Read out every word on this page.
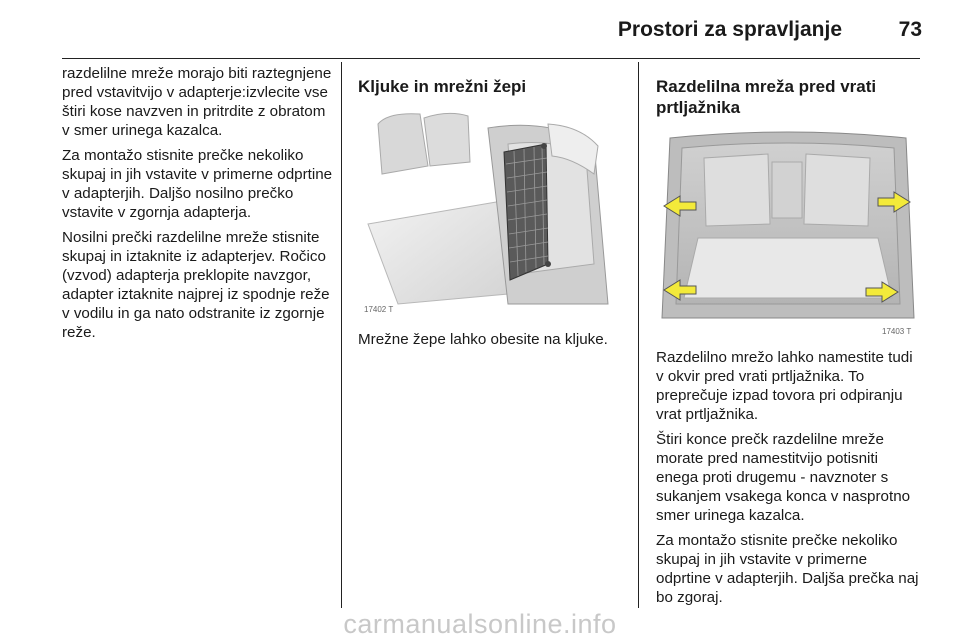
Prostori za spravljanje	73

razdelilne mreže morajo biti raztegnjene pred vstavitvijo v adapterje:izvlecite vse štiri kose navzven in pritrdite z obratom v smer urinega kazalca.

Za montažo stisnite prečke nekoliko skupaj in jih vstavite v primerne odprtine v adapterjih. Daljšo nosilno prečko vstavite v zgornja adapterja.

Nosilni prečki razdelilne mreže stisnite skupaj in iztaknite iz adapterjev. Ročico (vzvod) adapterja preklopite navzgor, adapter iztaknite najprej iz spodnje reže v vodilu in ga nato odstranite iz zgornje reže.

Kljuke in mrežni žepi
17402 T
Mrežne žepe lahko obesite na kljuke.
Razdelilna mreža pred vrati prtljažnika
17403 T

Razdelilno mrežo lahko namestite tudi v okvir pred vrati prtljažnika. To preprečuje izpad tovora pri odpiranju vrat prtljažnika.

Štiri konce prečk razdelilne mreže morate pred namestitvijo potisniti enega proti drugemu - navznoter s sukanjem vsakega konca v nasprotno smer urinega kazalca.

Za montažo stisnite prečke nekoliko skupaj in jih vstavite v primerne odprtine v adapterjih. Daljša prečka naj bo zgoraj.

carmanualsonline.info
